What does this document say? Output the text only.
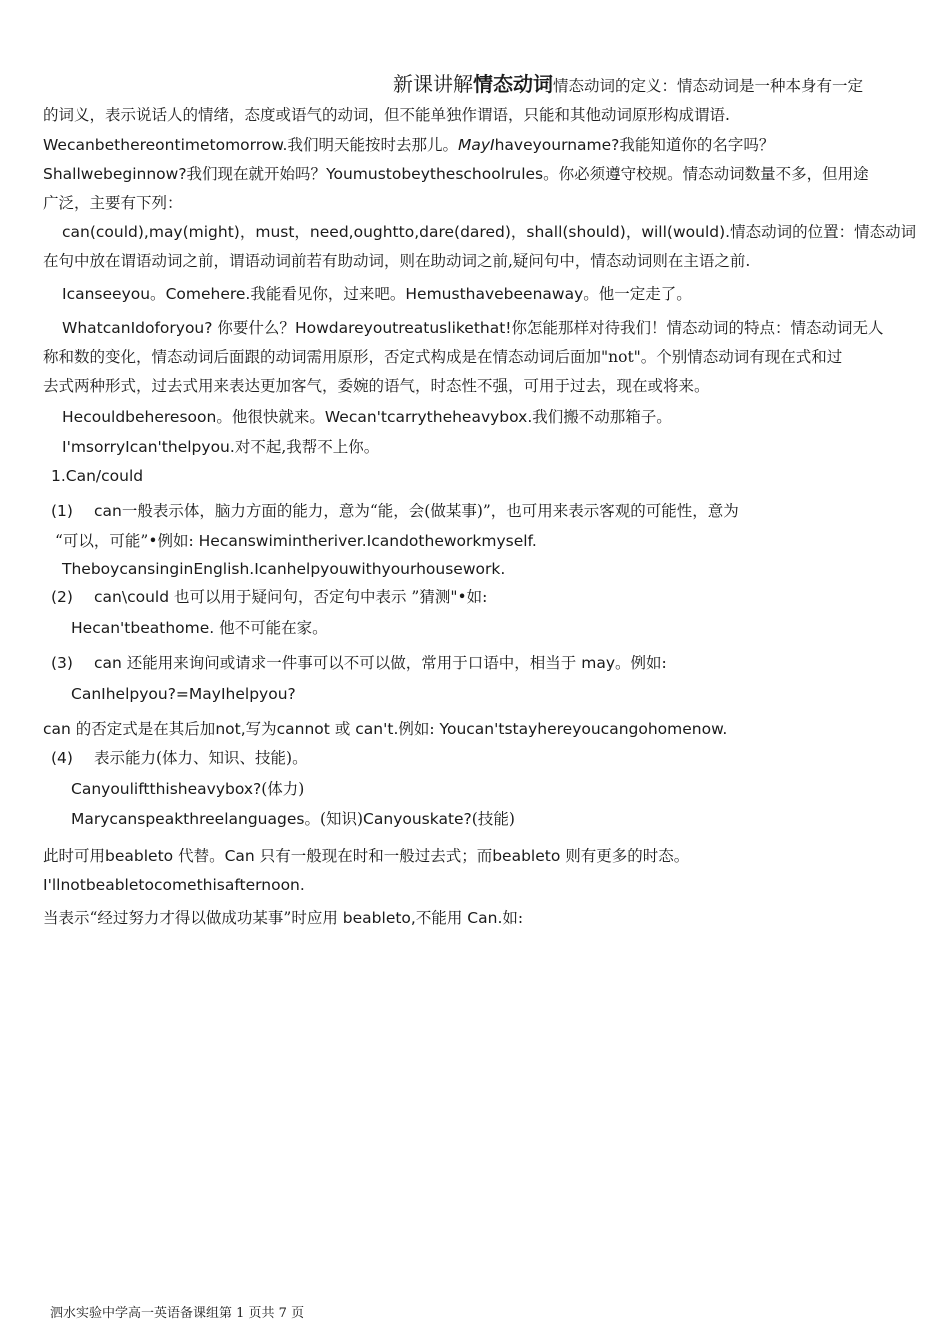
新课讲解情态动词情态动词的定义：情态动词是一种本身有一定
的词义，表示说话人的情绪，态度或语气的动词，但不能单独作谓语，只能和其他动词原形构成谓语.
Wecanbethereontimetomorrow.我们明天能按时去那儿。MayIhaveyourname?我能知道你的名字吗？
Shallwebeginnow?我们现在就开始吗？Youmustobeytheschoolrules。你必须遵守校规。情态动词数量不多，但用途
广泛，主要有下列：
can(could),may(might)，must，need,oughtto,dare(dared)，shall(should)，will(would).情态动词的位置：情态动词
在句中放在谓语动词之前，谓语动词前若有助动词，则在助动词之前,疑问句中，情态动词则在主语之前.
Icanseeyou。Comehere.我能看见你，过来吧。Hemusthavebeenaway。他一定走了。
WhatcanIdoforyou? 你要什么？Howdareyoutreatuslikethat!你怎能那样对待我们！情态动词的特点：情态动词无人
称和数的变化，情态动词后面跟的动词需用原形，否定式构成是在情态动词后面加"not"。个别情态动词有现在式和过
去式两种形式，过去式用来表达更加客气，委婉的语气，时态性不强，可用于过去，现在或将来。
Hecouldbeheresoon。他很快就来。Wecan'tcarrytheheavybox.我们搬不动那箱子。
I'msorryIcan'thelpyou.对不起,我帮不上你。
1.Can/could
(1) can一般表示体，脑力方面的能力，意为“能，会(做某事)”，也可用来表示客观的可能性，意为
“可以，可能”•例如: Hecanswimintheriver.Icandotheworkmyself.
TheboycansinginEnglish.Icanhelpyouwithyourhousework.
(2) can\could 也可以用于疑问句，否定句中表示 ”猜测"•如:
Hecan'tbeathome. 他不可能在家。
(3) can 还能用来询问或请求一件事可以不可以做，常用于口语中，相当于 may。例如:
CanIhelpyou?=MayIhelpyou?
can 的否定式是在其后加not,写为cannot 或 can't.例如: Youcan'tstayhereyoucangohomenow.
(4) 表示能力(体力、知识、技能)。
Canyouliftthisheavybox?(体力)
Marycanspeakthreelanguages。(知识)Canyouskate?(技能)
此时可用beableto 代替。Can 只有一般现在时和一般过去式；而beableto 则有更多的时态。
I'llnotbeabletocomethisafternoon.
当表示“经过努力才得以做成功某事”时应用 beableto,不能用 Can.如:
泗水实验中学高一英语备课组第 1 页共 7 页
